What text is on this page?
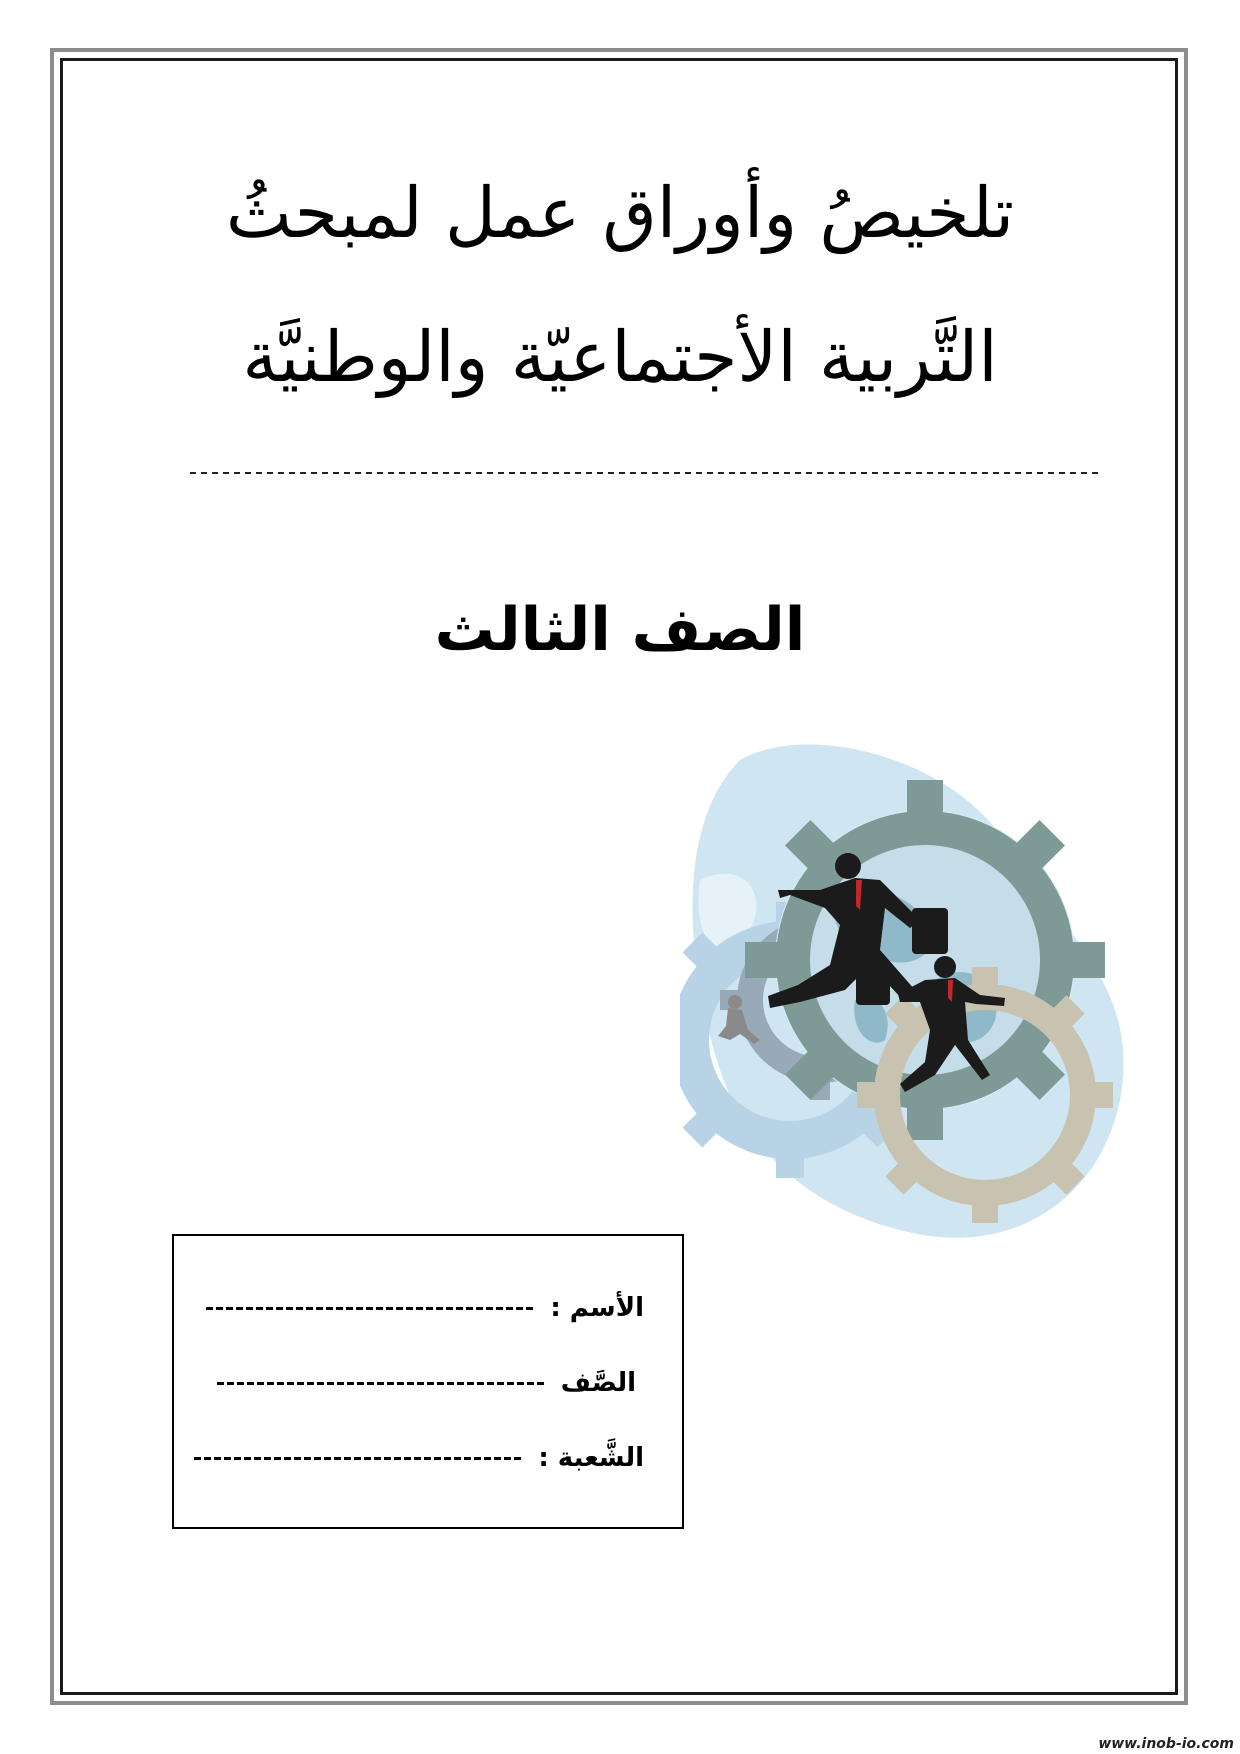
تلخيصُ وأوراق عمل لمبحثُ
التَّربية الأجتماعيّة والوطنيَّة
الصف الثالث
الأسم :
الصَّف
الشَّعبة :
www.inob-io.com
